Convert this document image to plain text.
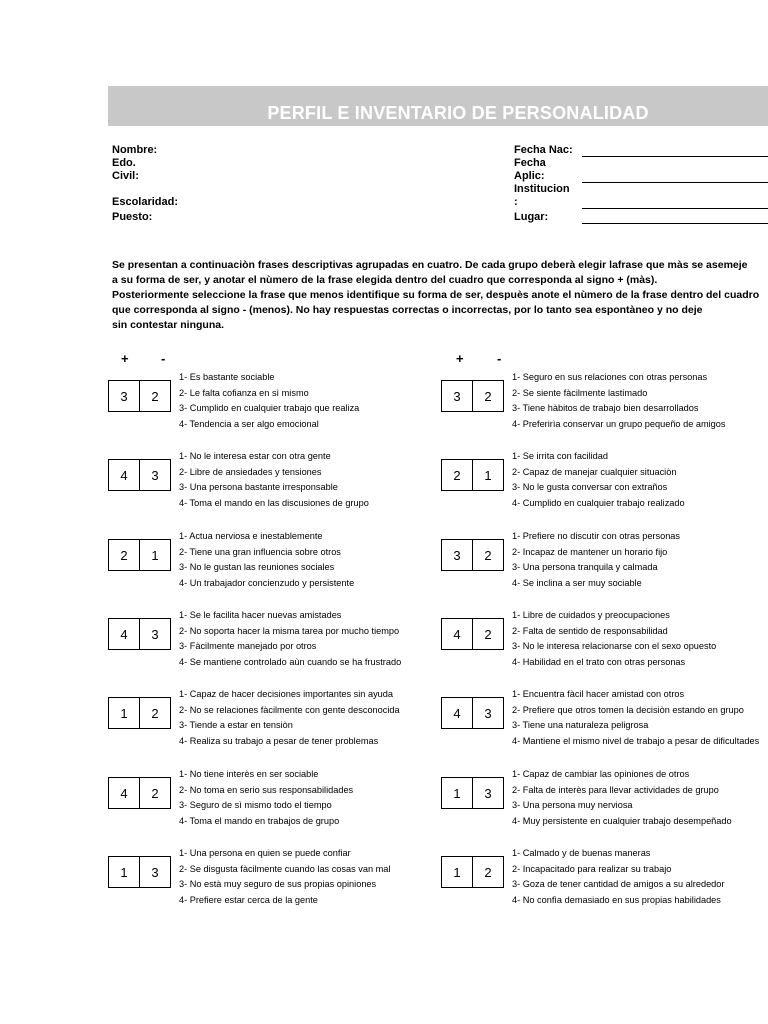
PERFIL E INVENTARIO DE PERSONALIDAD
Nombre:
Edo.
Civil:
Escolaridad:
Puesto:
Fecha Nac:
Fecha
Aplic:
Institucion
:
Lugar:
Se presentan a continuaciòn frases descriptivas agrupadas en cuatro. De cada grupo deberà elegir lafrase que màs se asemeje
a su forma de ser, y anotar el nùmero de la frase elegida dentro del cuadro que corresponda al signo + (màs).
Posteriormente seleccione la frase que menos identifique su forma de ser, despuès anote el nùmero de la frase dentro del cuadro
que corresponda al signo - (menos). No hay respuestas correctas o incorrectas, por lo tanto sea espontàneo y no deje
sin contestar ninguna.
+ -	+	-
3	2
1- Es bastante sociable
2- Le falta cofianza en sì mismo
3- Cumplido en cualquier trabajo que realiza
4- Tendencia a ser algo emocional
4	3
1- No le interesa estar con otra gente
2- Libre de ansiedades y tensiones
3- Una persona bastante irresponsable
4- Toma el mando en las discusiones de grupo
2	1
1- Actua nerviosa e inestablemente
2- Tiene una gran influencia sobre otros
3- No le gustan las reuniones sociales
4- Un trabajador concienzudo y persistente
4	3
1- Se le facilita hacer nuevas amistades
2- No soporta hacer la misma tarea por mucho tiempo
3- Fàcilmente manejado por otros
4- Se mantiene controlado aùn cuando se ha frustrado
1	2
1- Capaz de hacer decisiones importantes sin ayuda
2- No se relaciones fàcilmente con gente desconocida
3- Tiende a estar en tensiòn
4- Realiza su trabajo a pesar de tener problemas
4	2
1- No tiene interès en ser sociable
2- No toma en serio sus responsabilidades
3- Seguro de sì mismo todo el tiempo
4- Toma el mando en trabajos de grupo
1	3
1- Una persona en quien se puede confiar
2- Se disgusta fàcilmente cuando las cosas van mal
3- No està muy seguro de sus propias opiniones
4- Prefiere estar cerca de la gente
3	2
1- Seguro en sus relaciones con otras personas
2- Se siente fàcilmente lastimado
3- Tiene hàbitos de trabajo bien desarrollados
4- Preferirìa conservar un grupo pequeño de amigos
2	1
1- Se irrita con facilidad
2- Capaz de manejar cualquier situaciòn
3- No le gusta conversar con extraños
4- Cumplido en cualquier trabajo realizado
3	2
1- Prefiere no discutir con otras personas
2- Incapaz de mantener un horario fijo
3- Una persona tranquila y calmada
4- Se inclina a ser muy sociable
4	2
1- Libre de cuidados y preocupaciones
2- Falta de sentido de responsabilidad
3- No le interesa relacionarse con el sexo opuesto
4- Habilidad en el trato con otras personas
4	3
1- Encuentra fàcil hacer amistad con otros
2- Prefiere que otros tomen la decisiòn estando en grupo
3- Tiene una naturaleza peligrosa
4- Mantiene el mismo nivel de trabajo a pesar de dificultades
1	3
1- Capaz de cambiar las opiniones de otros
2- Falta de interès para llevar actividades de grupo
3- Una persona muy nerviosa
4- Muy persistente en cualquier trabajo desempeñado
1	2
1- Calmado y de buenas maneras
2- Incapacitado para realizar su trabajo
3- Goza de tener cantidad de amigos a su alrededor
4- No confìa demasiado en sus propias habilidades
